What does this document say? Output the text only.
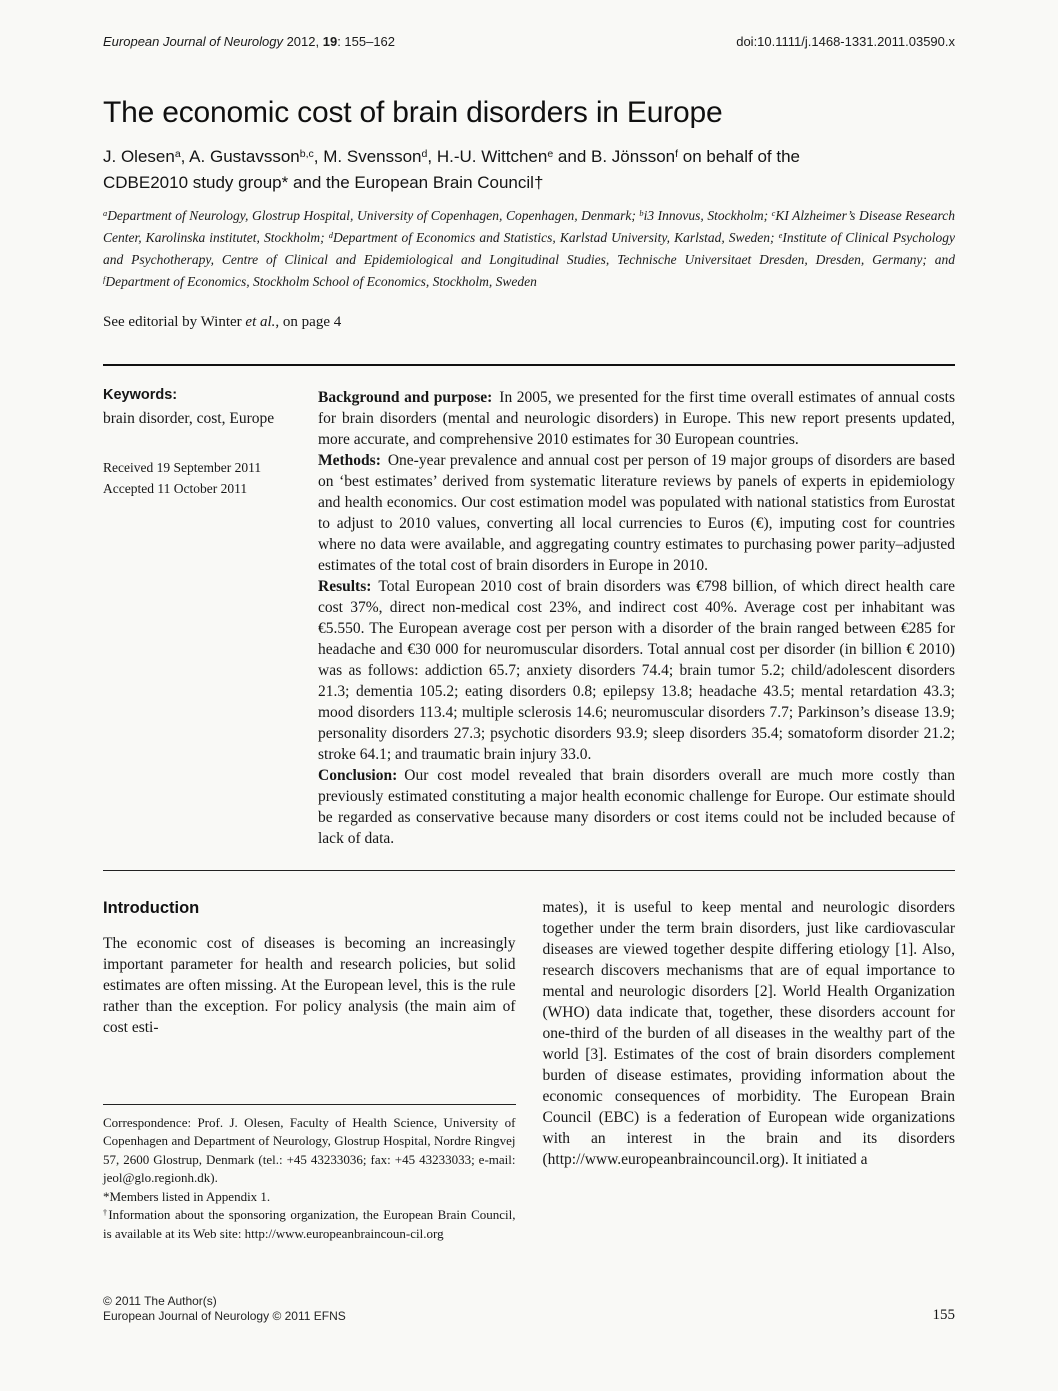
European Journal of Neurology 2012, 19: 155–162	doi:10.1111/j.1468-1331.2011.03590.x
The economic cost of brain disorders in Europe
J. Olesen$^a$, A. Gustavsson$^{b,c}$, M. Svensson$^d$, H.-U. Wittchen$^e$ and B. Jönsson$^f$ on behalf of the
CDBE2010 study group* and the European Brain Council†
$^a$Department of Neurology, Glostrup Hospital, University of Copenhagen, Copenhagen, Denmark; $^b$i3 Innovus, Stockholm; $^c$KI Alzheimer’s Disease Research Center, Karolinska institutet, Stockholm; $^d$Department of Economics and Statistics, Karlstad University, Karlstad, Sweden; $^e$Institute of Clinical Psychology and Psychotherapy, Centre of Clinical and Epidemiological and Longitudinal Studies, Technische Universitaet Dresden, Dresden, Germany; and $^f$Department of Economics, Stockholm School of Economics, Stockholm, Sweden
See editorial by Winter et al., on page 4
Keywords:
brain disorder, cost, Europe
Received 19 September 2011
Accepted 11 October 2011

Background and purpose: In 2005, we presented for the first time overall estimates of annual costs for brain disorders (mental and neurologic disorders) in Europe. This new report presents updated, more accurate, and comprehensive 2010 estimates for 30 European countries.

Methods: One-year prevalence and annual cost per person of 19 major groups of disorders are based on ‘best estimates’ derived from systematic literature reviews by panels of experts in epidemiology and health economics. Our cost estimation model was populated with national statistics from Eurostat to adjust to 2010 values, converting all local currencies to Euros (€), imputing cost for countries where no data were available, and aggregating country estimates to purchasing power parity–adjusted estimates of the total cost of brain disorders in Europe in 2010.

Results: Total European 2010 cost of brain disorders was €798 billion, of which direct health care cost 37%, direct non-medical cost 23%, and indirect cost 40%. Average cost per inhabitant was €5.550. The European average cost per person with a disorder of the brain ranged between €285 for headache and €30 000 for neuromuscular disorders. Total annual cost per disorder (in billion € 2010) was as follows: addiction 65.7; anxiety disorders 74.4; brain tumor 5.2; child/adolescent disorders 21.3; dementia 105.2; eating disorders 0.8; epilepsy 13.8; headache 43.5; mental retardation 43.3; mood disorders 113.4; multiple sclerosis 14.6; neuromuscular disorders 7.7; Parkinson’s disease 13.9; personality disorders 27.3; psychotic disorders 93.9; sleep disorders 35.4; somatoform disorder 21.2; stroke 64.1; and traumatic brain injury 33.0.

Conclusion: Our cost model revealed that brain disorders overall are much more costly than previously estimated constituting a major health economic challenge for Europe. Our estimate should be regarded as conservative because many disorders or cost items could not be included because of lack of data.

Introduction

The economic cost of diseases is becoming an increasingly important parameter for health and research policies, but solid estimates are often missing. At the European level, this is the rule rather than the exception. For policy analysis (the main aim of cost esti-

Correspondence: Prof. J. Olesen, Faculty of Health Science, University of Copenhagen and Department of Neurology, Glostrup Hospital, Nordre Ringvej 57, 2600 Glostrup, Denmark (tel.: +45 43233036; fax: +45 43233033; e-mail: jeol@glo.regionh.dk).

*Members listed in Appendix 1.

†Information about the sponsoring organization, the European Brain Council, is available at its Web site: http://www.europeanbraincoun-cil.org

mates), it is useful to keep mental and neurologic disorders together under the term brain disorders, just like cardiovascular diseases are viewed together despite differing etiology [1]. Also, research discovers mechanisms that are of equal importance to mental and neurologic disorders [2]. World Health Organization (WHO) data indicate that, together, these disorders account for one-third of the burden of all diseases in the wealthy part of the world [3]. Estimates of the cost of brain disorders complement burden of disease estimates, providing information about the economic consequences of morbidity. The European Brain Council (EBC) is a federation of European wide organizations with an interest in the brain and its disorders (http://www.europeanbraincouncil.org). It initiated a

© 2011 The Author(s)
European Journal of Neurology © 2011 EFNS	155
